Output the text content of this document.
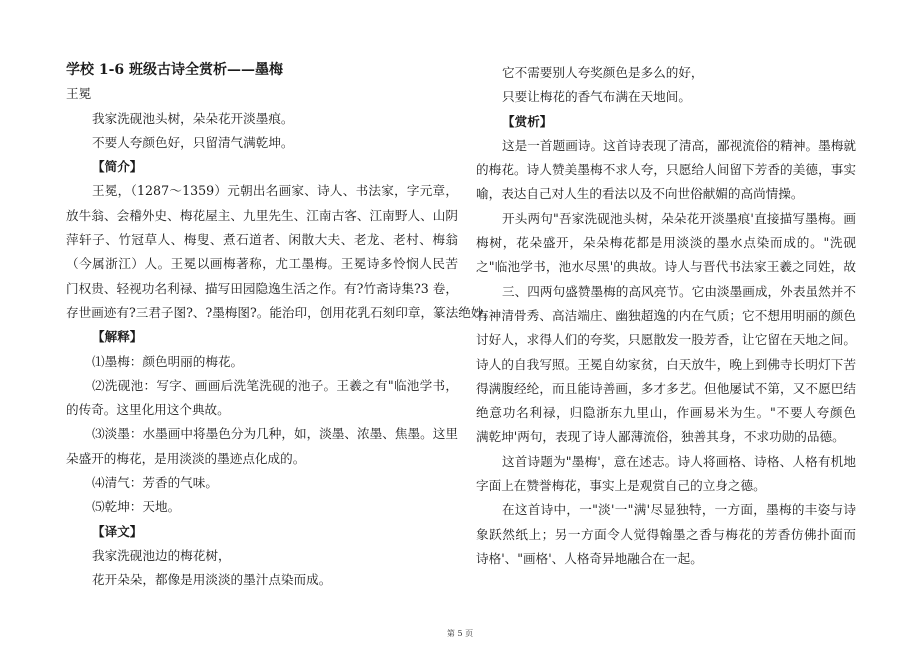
学校 1-6 班级古诗全赏析——墨梅
王冕
我家洗砚池头树，朵朵花开淡墨痕。
不要人夸颜色好，只留清气满乾坤。
【简介】
王冕，（1287～1359）元朝出名画家、诗人、书法家，字元章，
放牛翁、会稽外史、梅花屋主、九里先生、江南古客、江南野人、山阴
萍轩子、竹冠草人、梅叟、煮石道者、闲散大夫、老龙、老村、梅翁
（今属浙江）人。王冕以画梅著称，尤工墨梅。王冕诗多怜悯人民苦
门权贵、轻视功名利禄、描写田园隐逸生活之作。有?竹斋诗集?3 卷，
存世画迹有?三君子图?、?墨梅图?。能治印，创用花乳石刻印章，篆法绝妙。
【解释】
⑴墨梅：颜色明丽的梅花。
⑵洗砚池：写字、画画后洗笔洗砚的池子。王羲之有"临池学书，
的传奇。这里化用这个典故。
⑶淡墨：水墨画中将墨色分为几种，如，淡墨、浓墨、焦墨。这里
朵盛开的梅花，是用淡淡的墨迹点化成的。
⑷清气：芳香的气味。
⑸乾坤：天地。
【译文】
我家洗砚池边的梅花树，
花开朵朵，都像是用淡淡的墨汁点染而成。
它不需要别人夸奖颜色是多么的好，
只要让梅花的香气布满在天地间。
【赏析】
这是一首题画诗。这首诗表现了清高，鄙视流俗的精神。墨梅就
的梅花。诗人赞美墨梅不求人夸，只愿给人间留下芳香的美德，事实
喻，表达自己对人生的看法以及不向世俗献媚的高尚情操。
开头两句"吾家洗砚池头树，朵朵花开淡墨痕'直接描写墨梅。画
梅树，花朵盛开，朵朵梅花都是用淡淡的墨水点染而成的。"洗砚
之"临池学书，池水尽黑'的典故。诗人与晋代书法家王羲之同姓，故
三、四两句盛赞墨梅的高风亮节。它由淡墨画成，外表虽然并不
有神清骨秀、高洁端庄、幽独超逸的内在气质；它不想用明丽的颜色
讨好人，求得人们的夸奖，只愿散发一股芳香，让它留在天地之间。
诗人的自我写照。王冕自幼家贫，白天放牛，晚上到佛寺长明灯下苦
得满腹经纶，而且能诗善画，多才多艺。但他屡试不第，又不愿巴结
绝意功名利禄，归隐浙东九里山，作画易米为生。"不要人夸颜色
满乾坤'两句，表现了诗人鄙薄流俗，独善其身，不求功勋的品德。
这首诗题为"墨梅'，意在述志。诗人将画格、诗格、人格有机地
字面上在赞誉梅花，事实上是观赏自己的立身之德。
在这首诗中，一"淡'一"满'尽显独特，一方面，墨梅的丰姿与诗
象跃然纸上；另一方面令人觉得翰墨之香与梅花的芳香仿佛扑面而
诗格'、"画格'、人格奇异地融合在一起。
第 5 页
